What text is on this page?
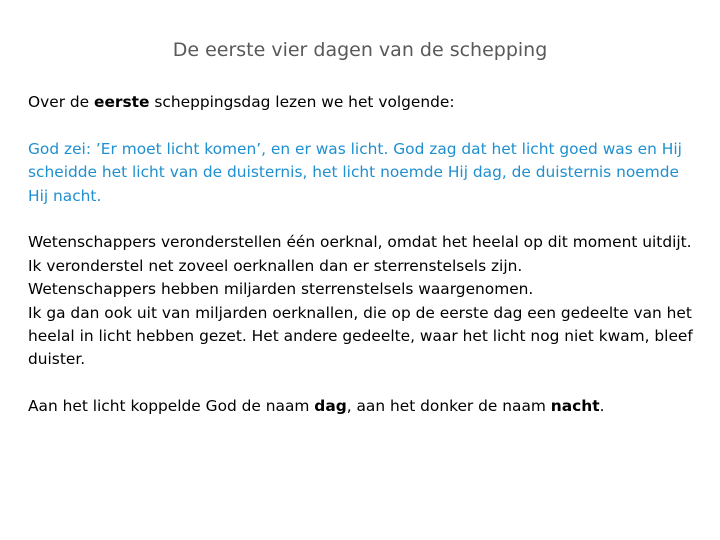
De eerste vier dagen van de schepping

Over de eerste scheppingsdag lezen we het volgende:

God zei: ’Er moet licht komen’, en er was licht. God zag dat het licht goed was en Hij scheidde het licht van de duisternis, het licht noemde Hij dag, de duisternis noemde Hij nacht.

Wetenschappers veronderstellen één oerknal, omdat het heelal op dit moment uitdijt.

Ik veronderstel net zoveel oerknallen dan er sterrenstelsels zijn.

Wetenschappers hebben miljarden sterrenstelsels waargenomen.

Ik ga dan ook uit van miljarden oerknallen, die op de eerste dag een gedeelte van het heelal in licht hebben gezet. Het andere gedeelte, waar het licht nog niet kwam, bleef duister.

Aan het licht koppelde God de naam dag, aan het donker de naam nacht.
